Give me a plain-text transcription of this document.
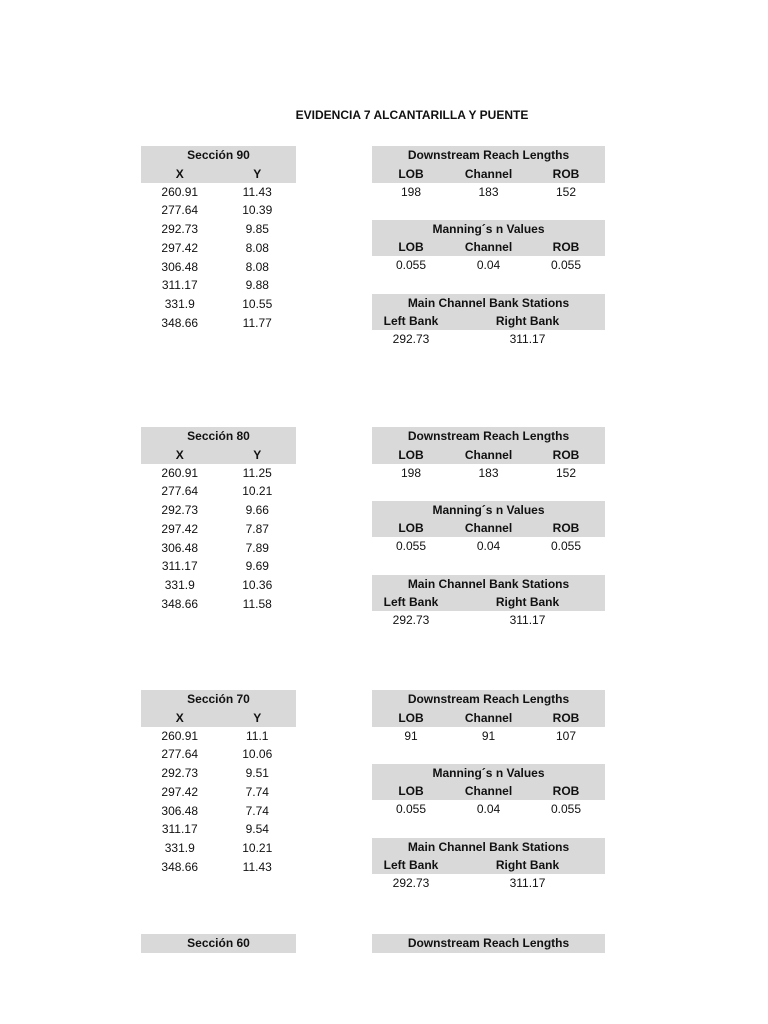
EVIDENCIA 7 ALCANTARILLA Y PUENTE
Sección 90
X	Y
260.91	11.43
277.64	10.39
292.73	9.85
297.42	8.08
306.48	8.08
311.17	9.88
331.9	10.55
348.66	11.77
Downstream Reach Lengths
LOB	Channel	ROB
198	183	152
Manning´s n Values
LOB	Channel	ROB
0.055	0.04	0.055
Main Channel Bank Stations
Left Bank	Right Bank
292.73	311.17
Sección 80
X	Y
260.91	11.25
277.64	10.21
292.73	9.66
297.42	7.87
306.48	7.89
311.17	9.69
331.9	10.36
348.66	11.58
Downstream Reach Lengths
LOB	Channel	ROB
198	183	152
Manning´s n Values
LOB	Channel	ROB
0.055	0.04	0.055
Main Channel Bank Stations
Left Bank	Right Bank
292.73	311.17
Sección 70
X	Y
260.91	11.1
277.64	10.06
292.73	9.51
297.42	7.74
306.48	7.74
311.17	9.54
331.9	10.21
348.66	11.43
Downstream Reach Lengths
LOB	Channel	ROB
91	91	107
Manning´s n Values
LOB	Channel	ROB
0.055	0.04	0.055
Main Channel Bank Stations
Left Bank	Right Bank
292.73	311.17
Sección 60	Downstream Reach Lengths
